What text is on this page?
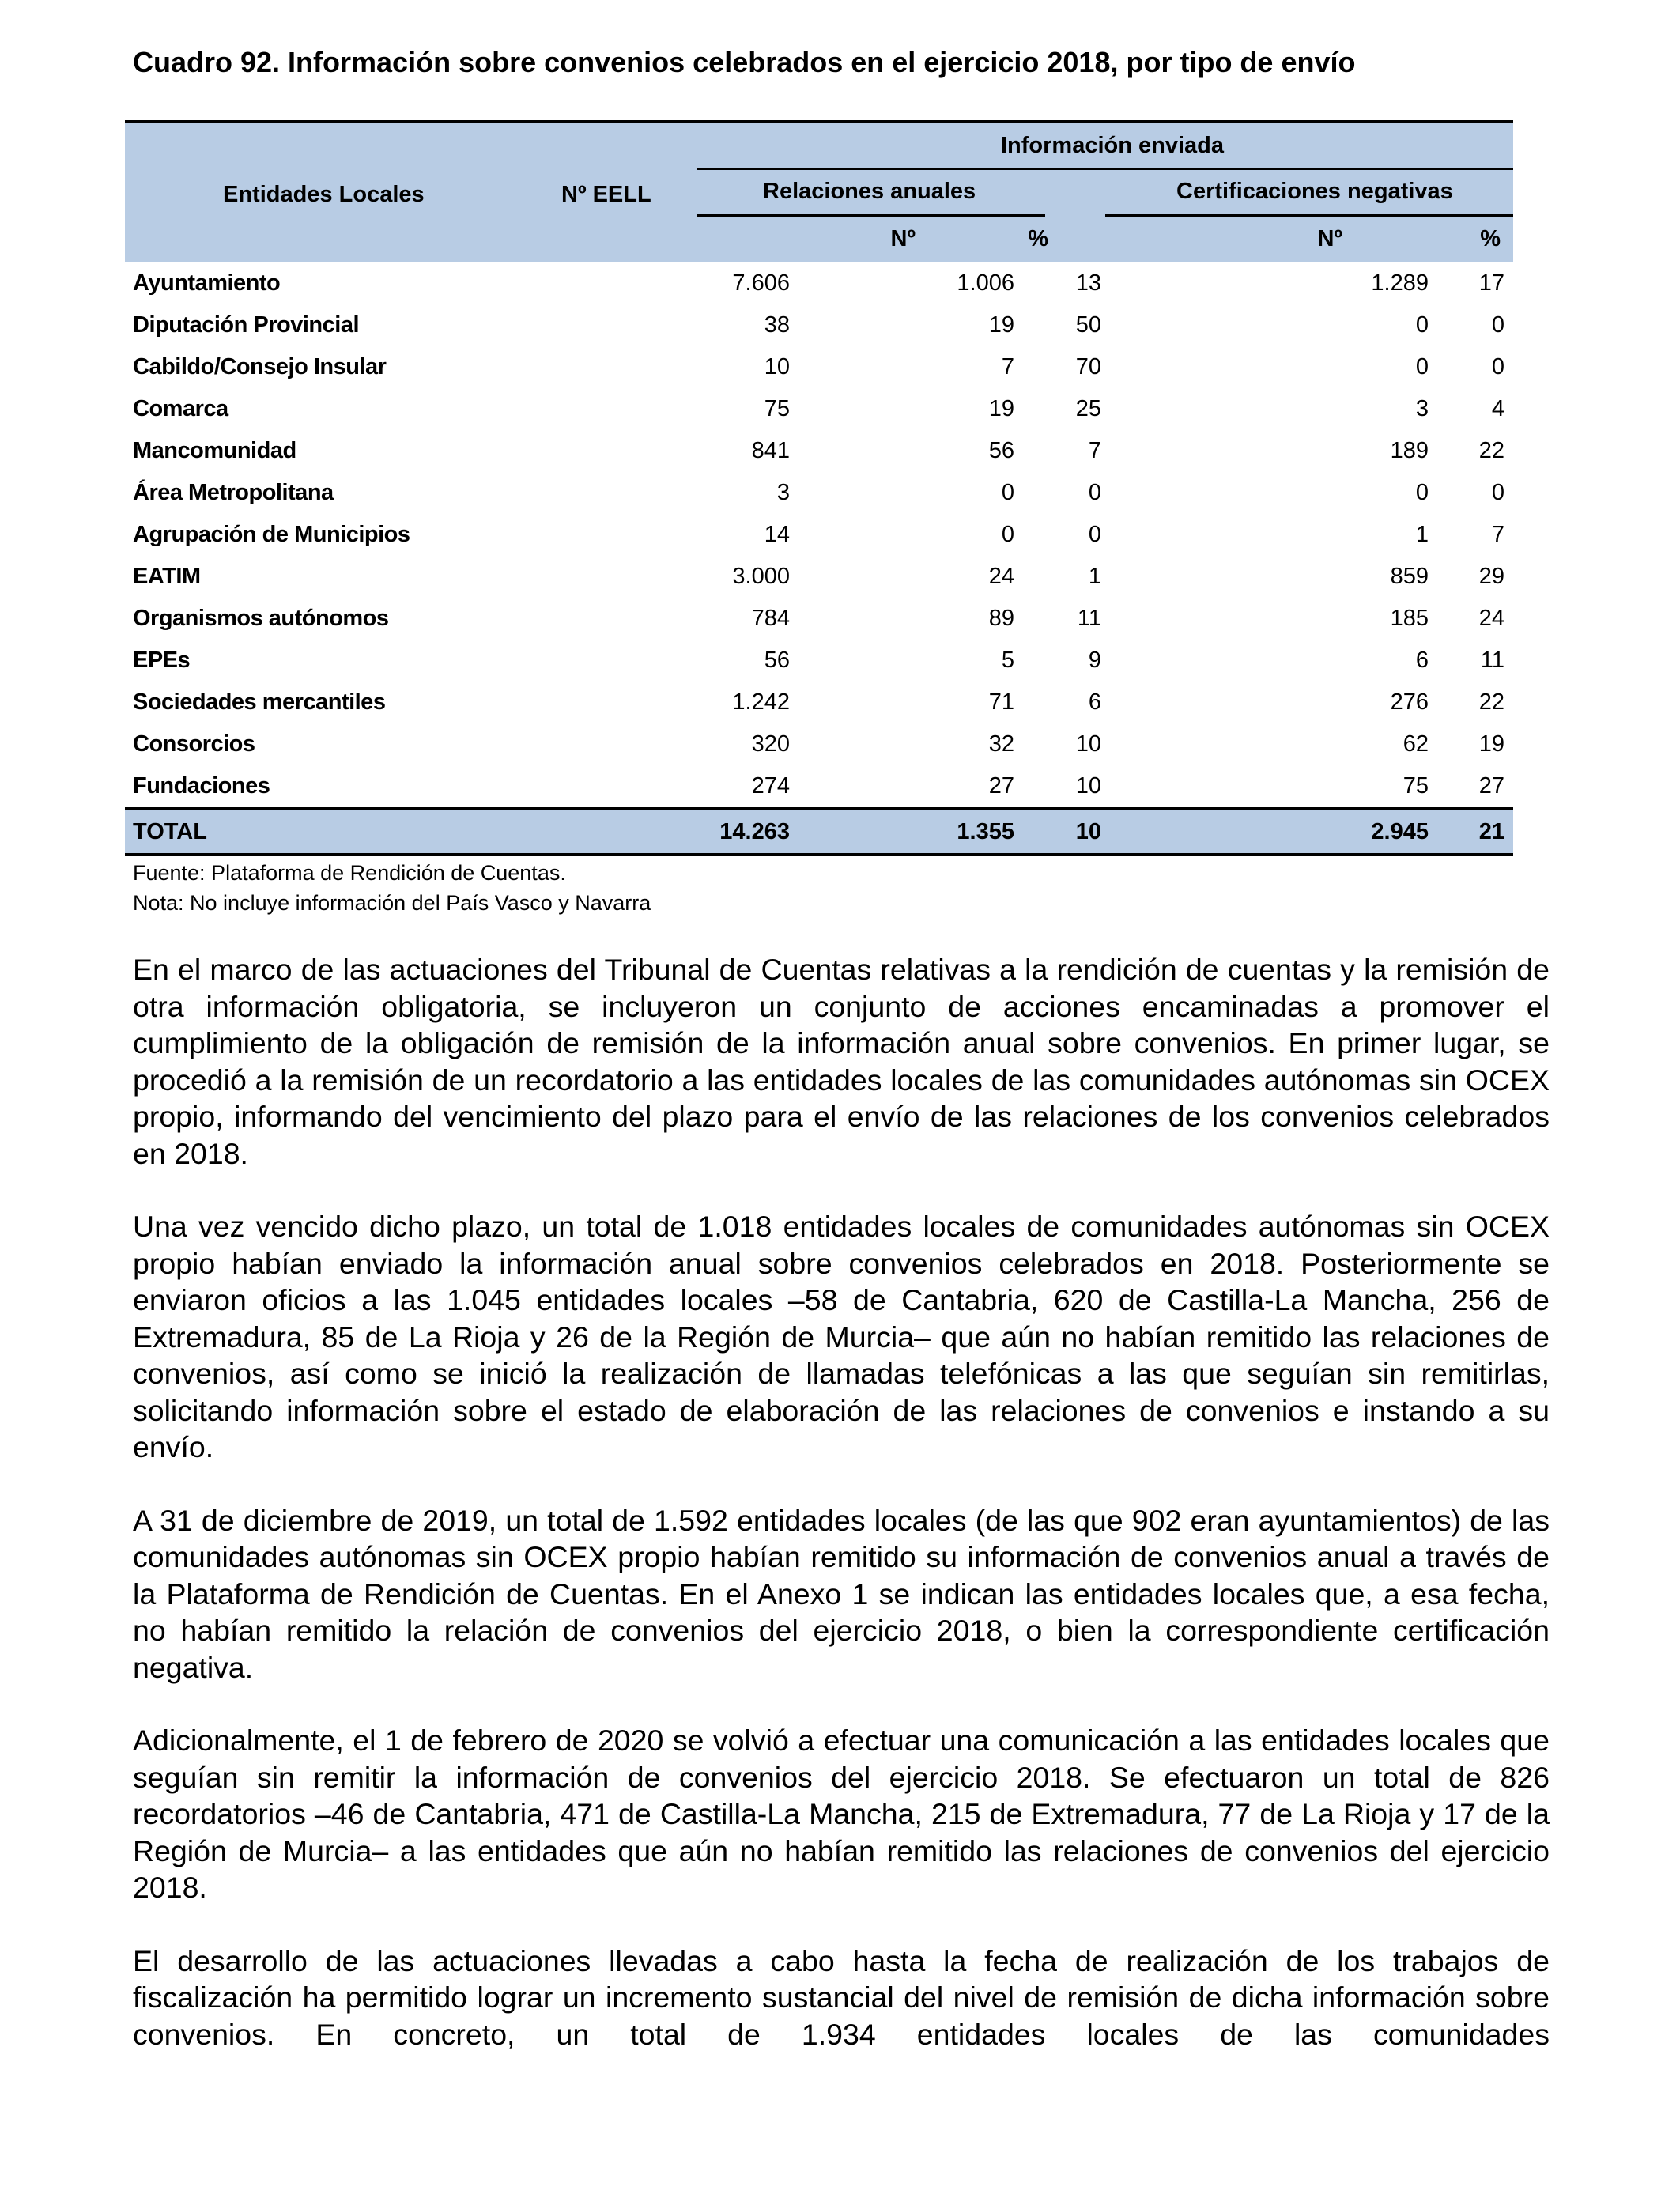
Cuadro 92. Información sobre convenios celebrados en el ejercicio 2018, por tipo de envío
Entidades Locales	Nº EELL
Información enviada
Relaciones anuales	Certificaciones negativas
Nº	%	Nº	%
Ayuntamiento	7.606	1.006	13	1.289	17
Diputación Provincial	38	19	50	0	0
Cabildo/Consejo Insular	10	7	70	0	0
Comarca	75	19	25	3	4
Mancomunidad	841	56	7	189	22
Área Metropolitana	3	0	0	0	0
Agrupación de Municipios	14	0	0	1	7
EATIM	3.000	24	1	859	29
Organismos autónomos	784	89	11	185	24
EPEs	56	5	9	6	11
Sociedades mercantiles	1.242	71	6	276	22
Consorcios	320	32	10	62	19
Fundaciones	274	27	10	75	27
TOTAL	14.263	1.355	10	2.945	21
Fuente: Plataforma de Rendición de Cuentas.
Nota: No incluye información del País Vasco y Navarra

En el marco de las actuaciones del Tribunal de Cuentas relativas a la rendición de cuentas y la remisión de otra información obligatoria, se incluyeron un conjunto de acciones encaminadas a promover el cumplimiento de la obligación de remisión de la información anual sobre convenios. En primer lugar, se procedió a la remisión de un recordatorio a las entidades locales de las comunidades autónomas sin OCEX propio, informando del vencimiento del plazo para el envío de las relaciones de los convenios celebrados en 2018.

Una vez vencido dicho plazo, un total de 1.018 entidades locales de comunidades autónomas sin OCEX propio habían enviado la información anual sobre convenios celebrados en 2018. Posteriormente se enviaron oficios a las 1.045 entidades locales –58 de Cantabria, 620 de Castilla-La Mancha, 256 de Extremadura, 85 de La Rioja y 26 de la Región de Murcia– que aún no habían remitido las relaciones de convenios, así como se inició la realización de llamadas telefónicas a las que seguían sin remitirlas, solicitando información sobre el estado de elaboración de las relaciones de convenios e instando a su envío.

A 31 de diciembre de 2019, un total de 1.592 entidades locales (de las que 902 eran ayuntamientos) de las comunidades autónomas sin OCEX propio habían remitido su información de convenios anual a través de la Plataforma de Rendición de Cuentas. En el Anexo 1 se indican las entidades locales que, a esa fecha, no habían remitido la relación de convenios del ejercicio 2018, o bien la correspondiente certificación negativa.

Adicionalmente, el 1 de febrero de 2020 se volvió a efectuar una comunicación a las entidades locales que seguían sin remitir la información de convenios del ejercicio 2018. Se efectuaron un total de 826 recordatorios –46 de Cantabria, 471 de Castilla-La Mancha, 215 de Extremadura, 77 de La Rioja y 17 de la Región de Murcia– a las entidades que aún no habían remitido las relaciones de convenios del ejercicio 2018.

El desarrollo de las actuaciones llevadas a cabo hasta la fecha de realización de los trabajos de fiscalización ha permitido lograr un incremento sustancial del nivel de remisión de dicha información sobre convenios. En concreto, un total de 1.934 entidades locales de las comunidades
